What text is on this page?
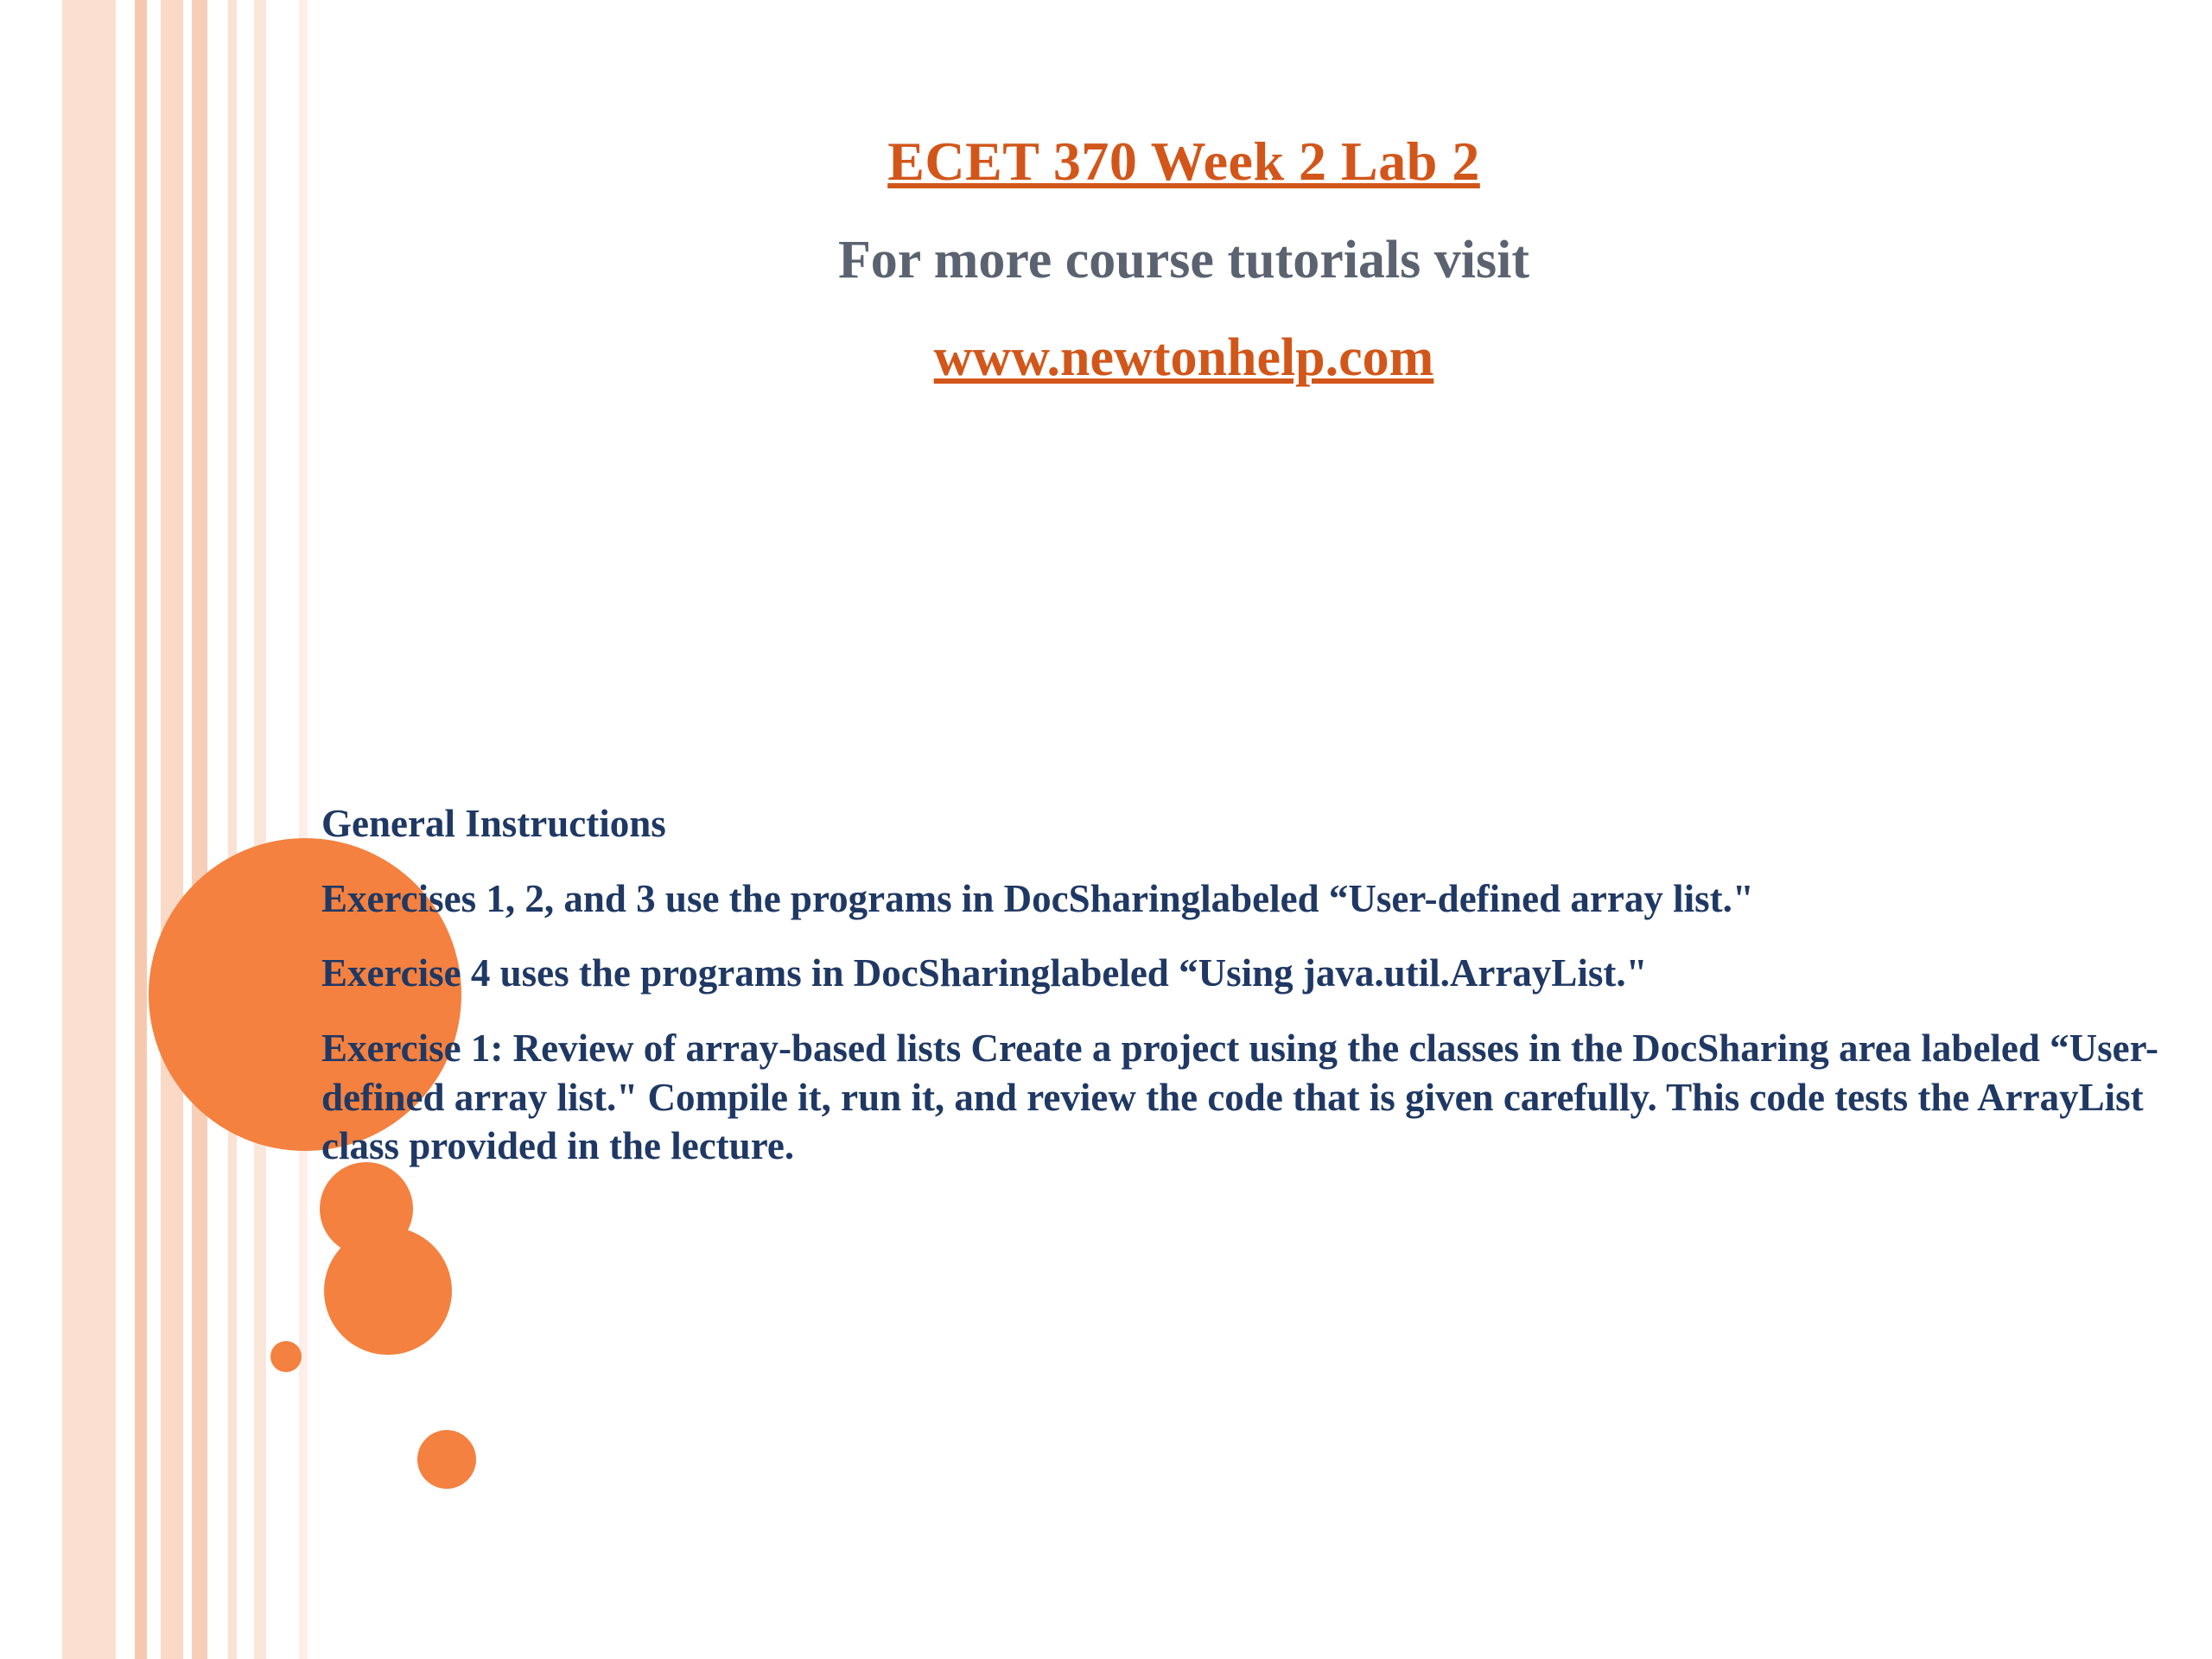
ECET 370 Week 2 Lab 2
For more course tutorials visit
www.newtonhelp.com
General Instructions
Exercises 1, 2, and 3 use the programs in DocSharinglabeled “User-defined array list."
Exercise 4 uses the programs in DocSharinglabeled “Using java.util.ArrayList."
Exercise 1: Review of array-based lists Create a project using the classes in the DocSharing area labeled “User-defined array list." Compile it, run it, and review the code that is given carefully. This code tests the ArrayList class provided in the lecture.
